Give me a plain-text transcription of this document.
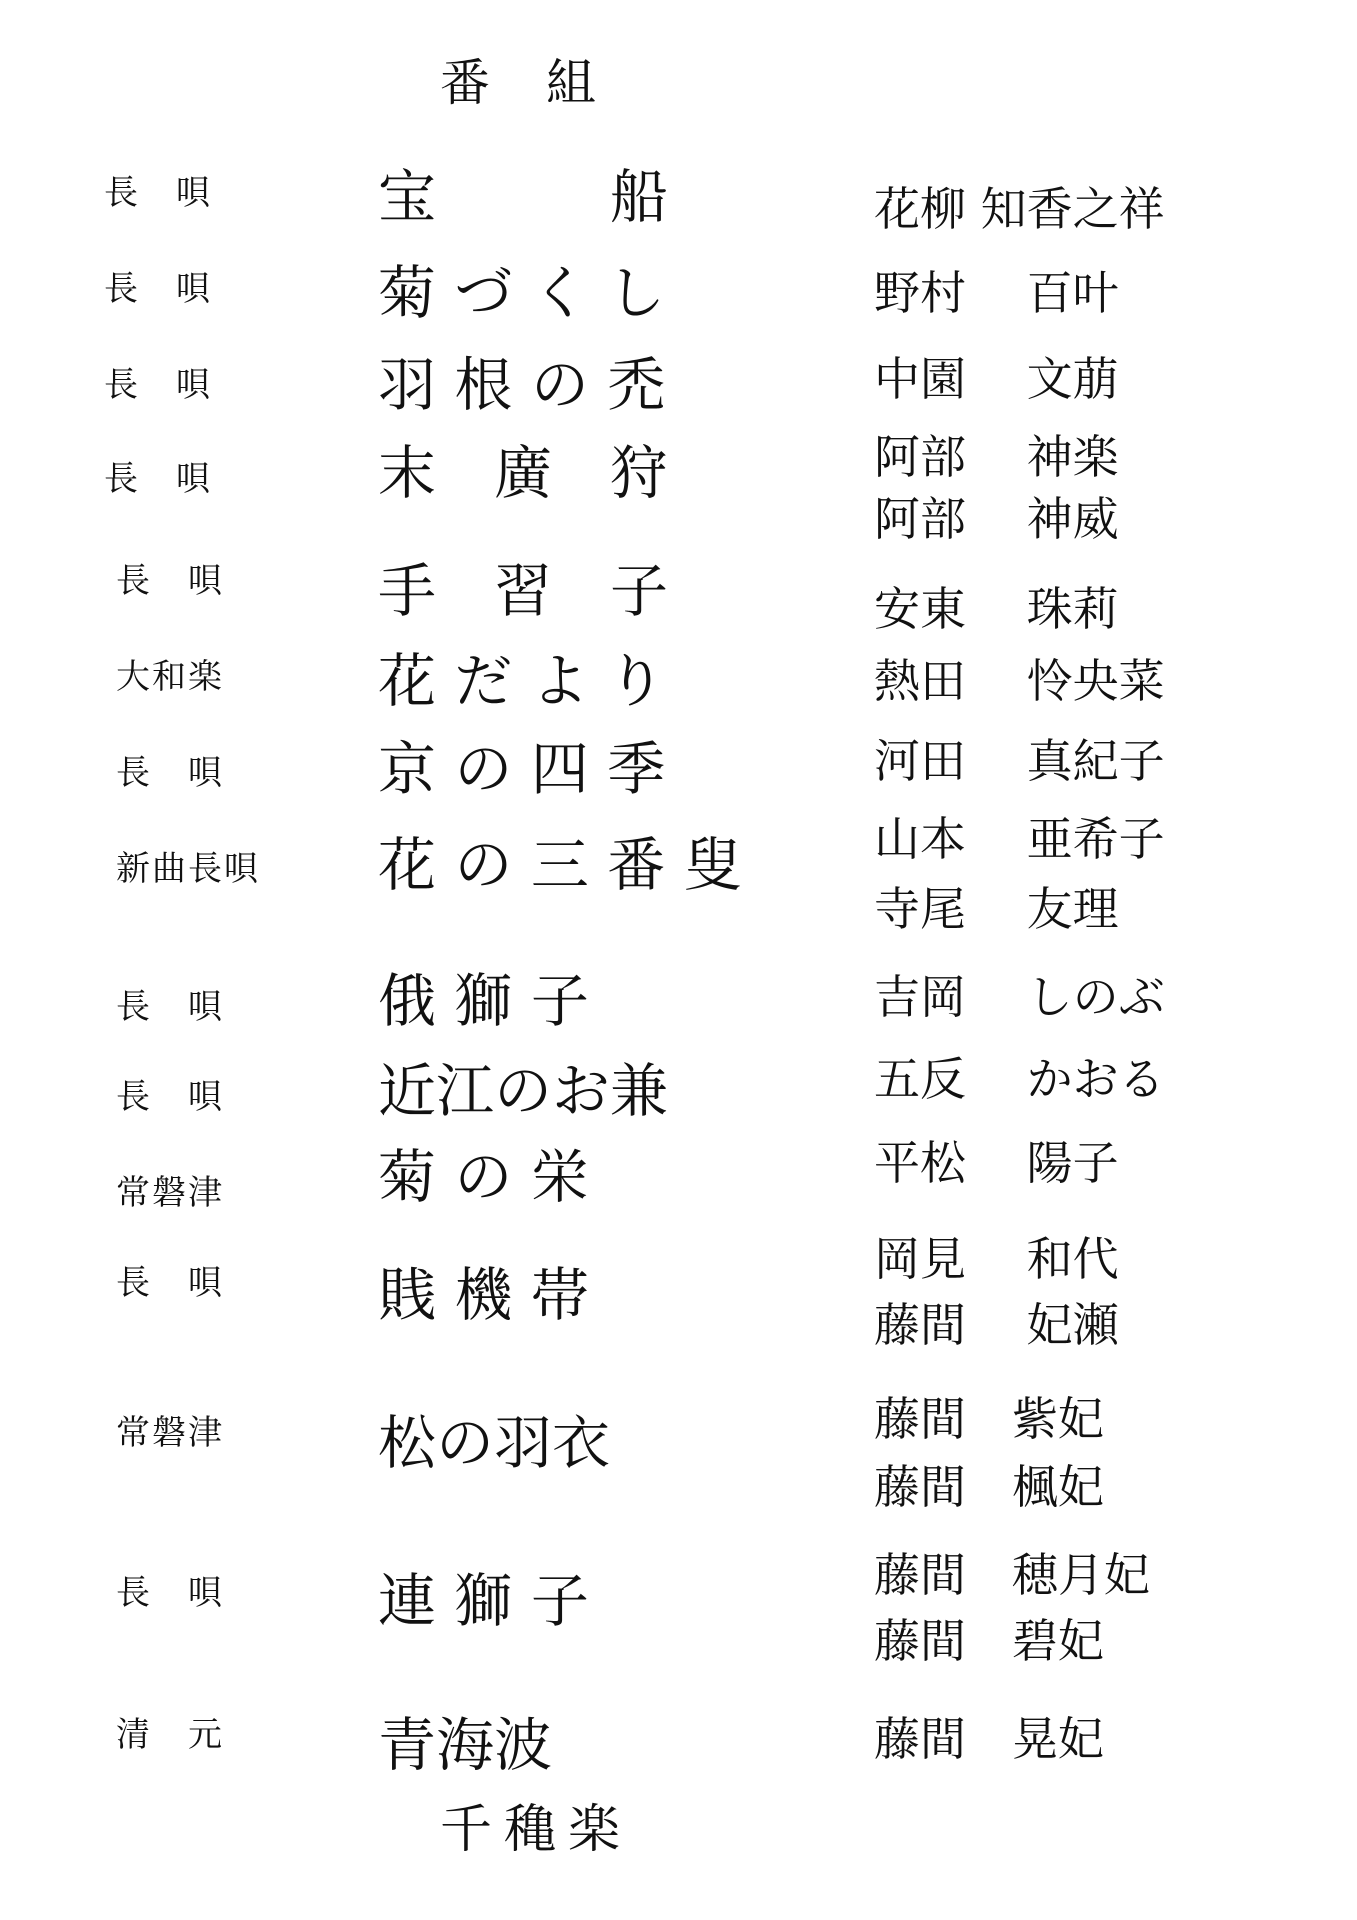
番組
長　唄	宝　　　船	花柳 知香之祥
長　唄	菊 づ く し	野村　 百叶
長　唄	羽 根 の 禿	中園　 文萠
長　唄	末　廣　狩	阿部　 神楽
阿部　 神威
長　唄	手　習　子	安東　 珠莉
大和楽	花 だ よ り	熱田　 怜央菜
長　唄	京 の 四 季	河田　 真紀子
新曲長唄 花 の 三 番 叟	山本　 亜希子
寺尾　 友理
長　唄	俄 獅 子	吉岡　 しのぶ
長　唄	近江のお兼	五反　 かおる
常磐津	菊 の 栄	平松　 陽子
長　唄	賎 機 帯
岡見　 和代
藤間　 妃瀬
常磐津	松の羽衣	藤間　紫妃
藤間　楓妃
長　唄	連 獅 子	藤間　穂月妃
藤間　碧妃
清　元	青海波	藤間　晃妃
千穐楽
